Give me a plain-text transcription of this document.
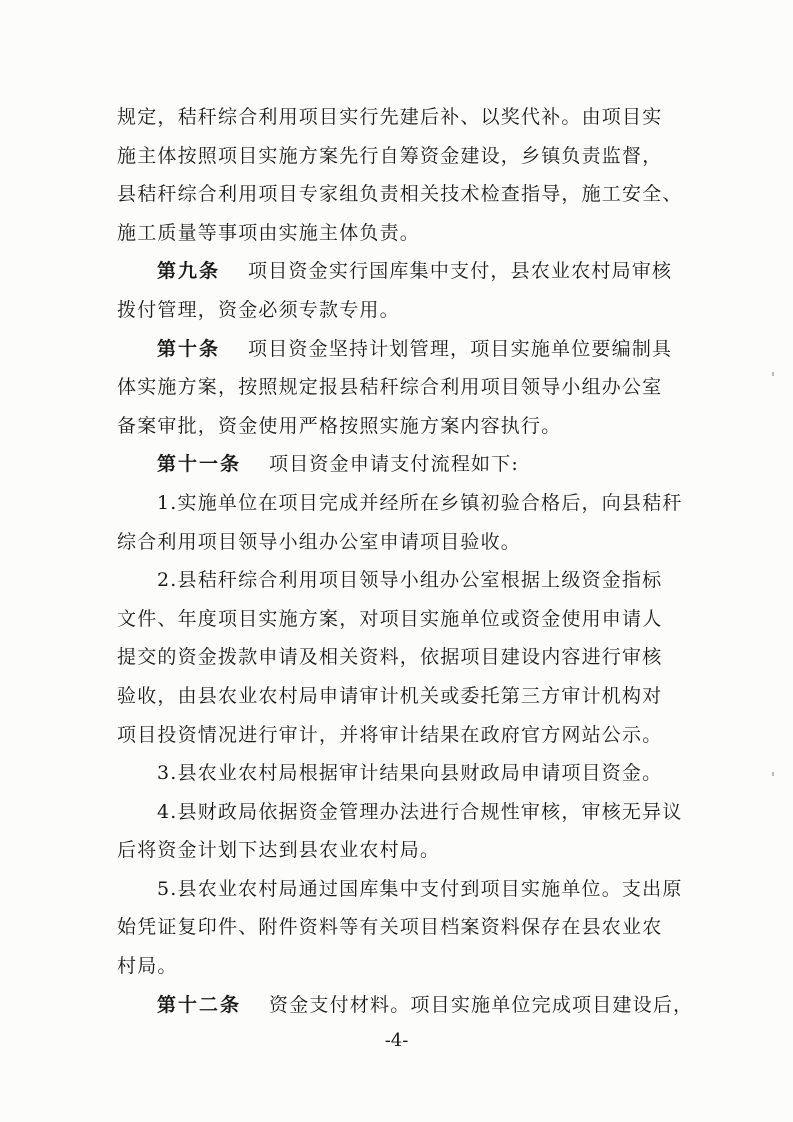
规定，秸秆综合利用项目实行先建后补、以奖代补。由项目实
施主体按照项目实施方案先行自筹资金建设，乡镇负责监督，
县秸秆综合利用项目专家组负责相关技术检查指导，施工安全、
施工质量等事项由实施主体负责。
第九条 项目资金实行国库集中支付，县农业农村局审核
拨付管理，资金必须专款专用。
第十条 项目资金坚持计划管理，项目实施单位要编制具
体实施方案，按照规定报县秸秆综合利用项目领导小组办公室
备案审批，资金使用严格按照实施方案内容执行。
第十一条 项目资金申请支付流程如下:
1.实施单位在项目完成并经所在乡镇初验合格后，向县秸秆
综合利用项目领导小组办公室申请项目验收。
2.县秸秆综合利用项目领导小组办公室根据上级资金指标
文件、年度项目实施方案，对项目实施单位或资金使用申请人
提交的资金拨款申请及相关资料，依据项目建设内容进行审核
验收，由县农业农村局申请审计机关或委托第三方审计机构对
项目投资情况进行审计，并将审计结果在政府官方网站公示。
3.县农业农村局根据审计结果向县财政局申请项目资金。
4.县财政局依据资金管理办法进行合规性审核，审核无异议
后将资金计划下达到县农业农村局。
5.县农业农村局通过国库集中支付到项目实施单位。支出原
始凭证复印件、附件资料等有关项目档案资料保存在县农业农
村局。
第十二条 资金支付材料。项目实施单位完成项目建设后，
-4-
